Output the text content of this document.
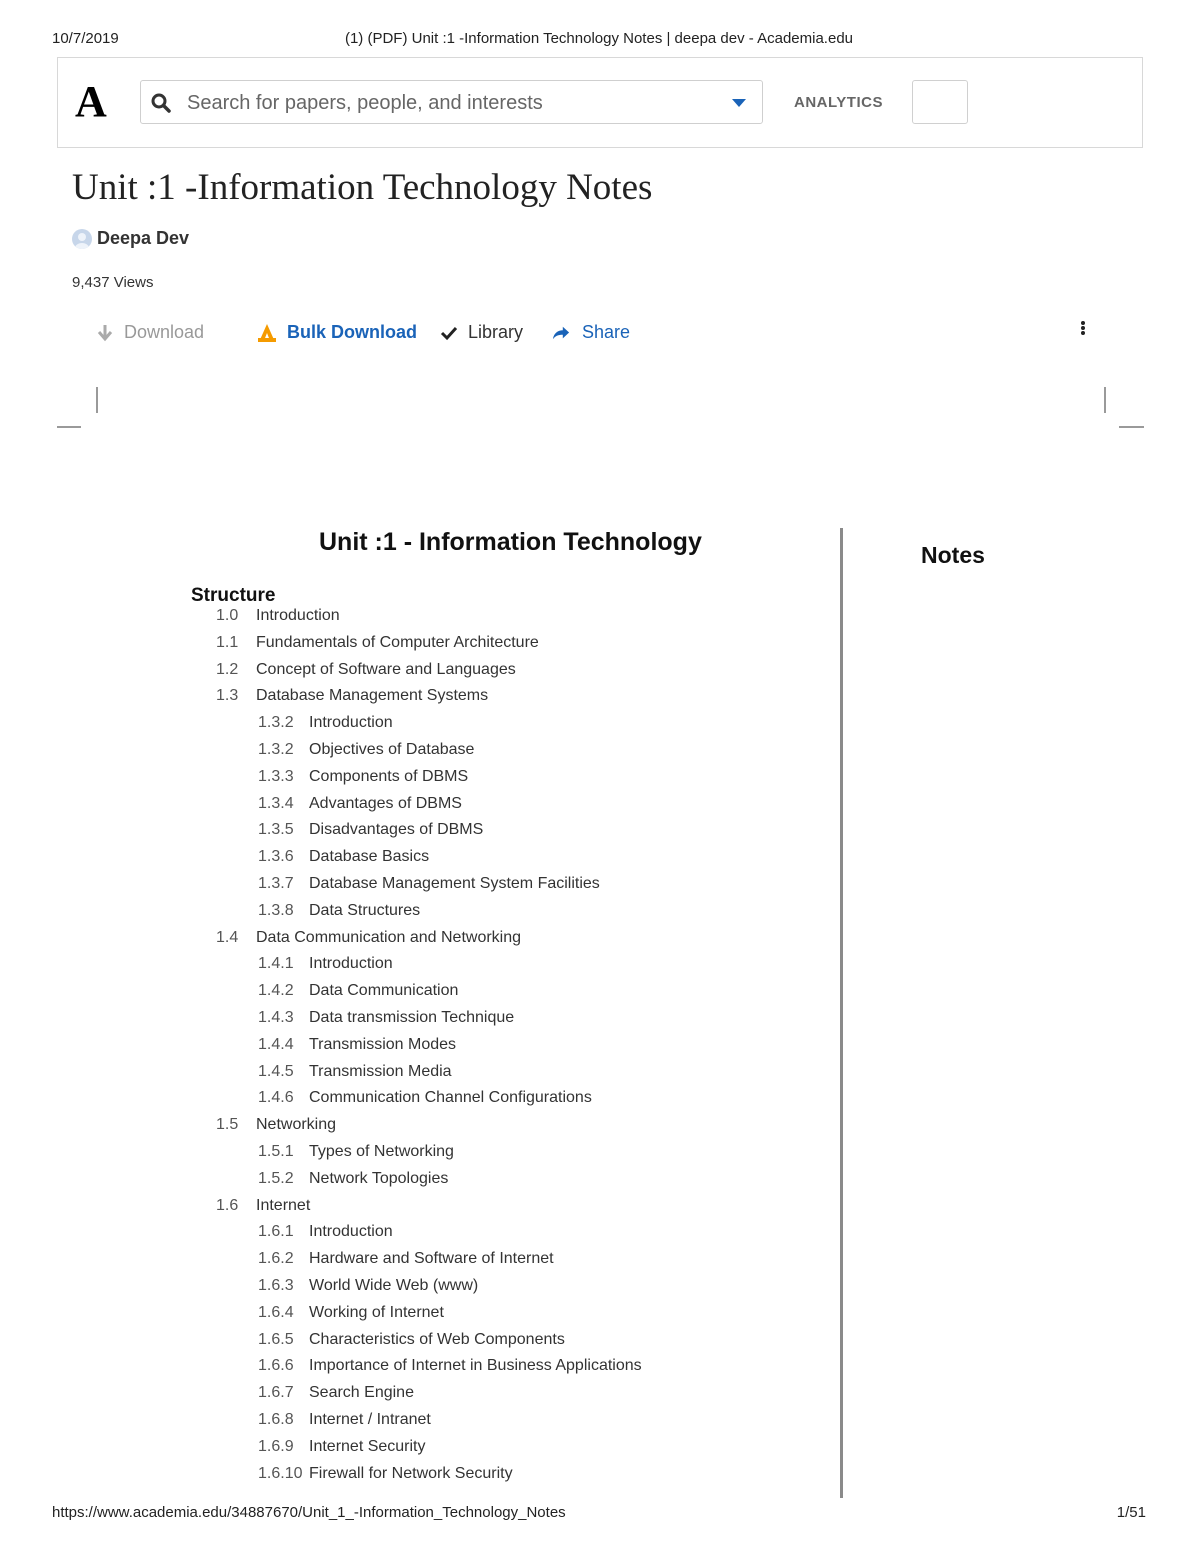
10/7/2019	(1) (PDF) Unit :1 -Information Technology Notes | deepa dev - Academia.edu
A
Search for papers, people, and interests	ANALYTICS
Unit :1 -Information Technology Notes
Deepa Dev
9,437 Views
Download	Bulk Download	Library	Share
Unit :1 - Information Technology	Notes
Structure
1.0 Introduction
1.1 Fundamentals of Computer Architecture
1.2 Concept of Software and Languages
1.3 Database Management Systems
1.3.2 Introduction
1.3.2 Objectives of Database
1.3.3 Components of DBMS
1.3.4 Advantages of DBMS
1.3.5 Disadvantages of DBMS
1.3.6 Database Basics
1.3.7 Database Management System Facilities
1.3.8 Data Structures
1.4 Data Communication and Networking
1.4.1 Introduction
1.4.2 Data Communication
1.4.3 Data transmission Technique
1.4.4 Transmission Modes
1.4.5 Transmission Media
1.4.6 Communication Channel Configurations
1.5 Networking
1.5.1 Types of Networking
1.5.2 Network Topologies
1.6 Internet
1.6.1 Introduction
1.6.2 Hardware and Software of Internet
1.6.3 World Wide Web (www)
1.6.4 Working of Internet
1.6.5 Characteristics of Web Components
1.6.6 Importance of Internet in Business Applications
1.6.7 Search Engine
1.6.8 Internet / Intranet
1.6.9 Internet Security
1.6.10 Firewall for Network Security
https://www.academia.edu/34887670/Unit_1_-Information_Technology_Notes	1/51
